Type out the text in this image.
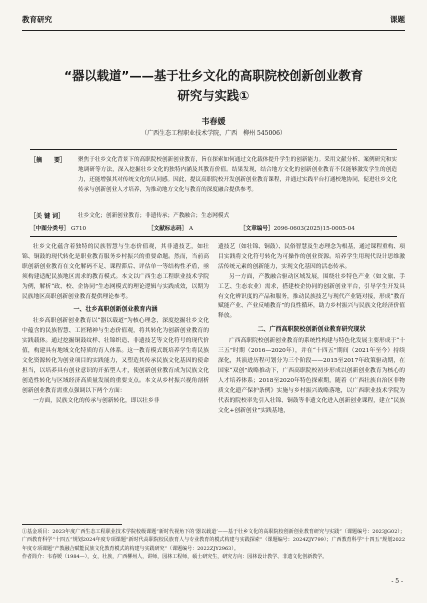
教育研究	课题
“器以载道”——基于壮乡文化的高职院校创新创业教育
研究与实践①
韦春媛
（广西生态工程职业技术学院，广西　柳州 545006）
［摘　　要］ 聚焦于壮乡文化背景下的高职院校创新创业教育，旨在探索如何通过文化载体提升学生的创新能力。采用文献分析、案例研究和实地调研等方法，深入挖掘壮乡文化的独特内涵及其教育价值。结果发现，结合地方文化的创新创业教育不仅能够激发学生的创造力，还能增强其对传统文化的认同感。因此，提议高职院校开发创新创业教育课程，并通过实践平台打通校地协同，促进壮乡文化传承与创新创业人才培养，为推动地方文化与教育的深度融合提供参考。
［关 键 词］ 壮乡文化；创新创业教育；非遗传承；产教融合；生态网模式
［中图分类号］ G710	［文献标志码］ A	［文章编号］2096-0603(2025)15-0005-04

壮乡文化蕴含着独特的民族智慧与生态价值观，其非遗技艺，如壮锦、铜鼓的现代转化是职业教育服务乡村振兴的重要命题。然而，当前高职创新创业教育在文化解码不足、课程滞后、评估单一等结构性矛盾，亟须构建适配民族地区需求的教育模式。本文以广西生态工程职业技术学院为例，解析“政、校、企协同”生态网模式的理论逻辑与实践成效，以期为民族地区高职创新创业教育提供理论参考。

一、壮乡高职创新创业教育内涵

壮乡高职创新创业教育以“器以载道”为核心理念，深度挖掘壮乡文化中蕴含的民族智慧、工匠精神与生态价值观，将其转化为创新创业教育的实践载体。通过挖掘铜鼓纹样、壮锦织造、非遗技艺等文化符号的现代价值，构建具有地域文化特质的育人体系。这一教育模式既培养学生将民族文化资源转化为创业项目的实践能力，又塑造其传承民族文化基因的使命担当，以培养具有创业意识的开拓型人才，使创新创业教育成为民族文化创造性转化与区域经济高质量发展的重要支点。本文从乡村振兴视角剖析创新创业教育需重点强调以下两个方面：

一方面，民族文化的传承与创新转化，即以壮乡非

遗技艺（如壮锦、铜鼓）、民俗智慧及生态理念为根基，通过课程重构、项目实践将文化符号转化为可操作的创业资源。培养学生用现代设计思维激活传统元素的创新能力，实现文化基因的活态传承。

另一方面，产教融合驱动区域发展，围绕壮乡特色产业（如文旅、手工艺、生态农业）需求，搭建校企协同的创新创业平台，引导学生开发具有文化辨识度的产品和服务，推动民族技艺与现代产业链对接，形成“教育赋能产业、产业反哺教育”的良性循环，助力乡村振兴与民族文化经济价值释放。

二、广西高职院校创新创业教育研究现状

广西高职院校创新创业教育的系统性构建与特色化发展主要形成于“十三五”时期（2016—2020年），并在“十四五”期间（2021年至今）持续深化，其演进历程可划分为三个阶段——2015至2017年政策驱动期，在国家“双创”战略推动下，广西高职院校初步形成以创新创业教育为核心的人才培养体系；2018至2020年特色探索期，随着《广西壮族自治区非物质文化遗产保护条例》实施与乡村振兴战略落地，以广西职业技术学院为代表的院校率先引入壮锦、铜鼓等非遗文化进入创新创业课程，建立“民族文化+创新创业”实践基地，

①基金项目：2023年度广西生态工程职业技术学院校级课题“新时代视角下的‘器以载道’——基于壮乡文化的高职院校创新创业教育研究与实践”（课题编号：2023JG02）；广西教育科学“十四五”规划2024年度专项课题“新时代高职院校民族育人与专业教育的模式构建与实践探索”（课题编号：2024ZJY799）；广西教育科学“十四五”规划2022年度专项课题“产教融合赋能民族文化教育模式的构建与实践研究”（课题编号：2022ZJY2963）。
作者简介：韦春媛（1984—），女，壮族，广西柳州人，讲师，园林工程师，硕士研究生，研究方向：园林设计教学、非遗文化创新教学。
- 5 -
